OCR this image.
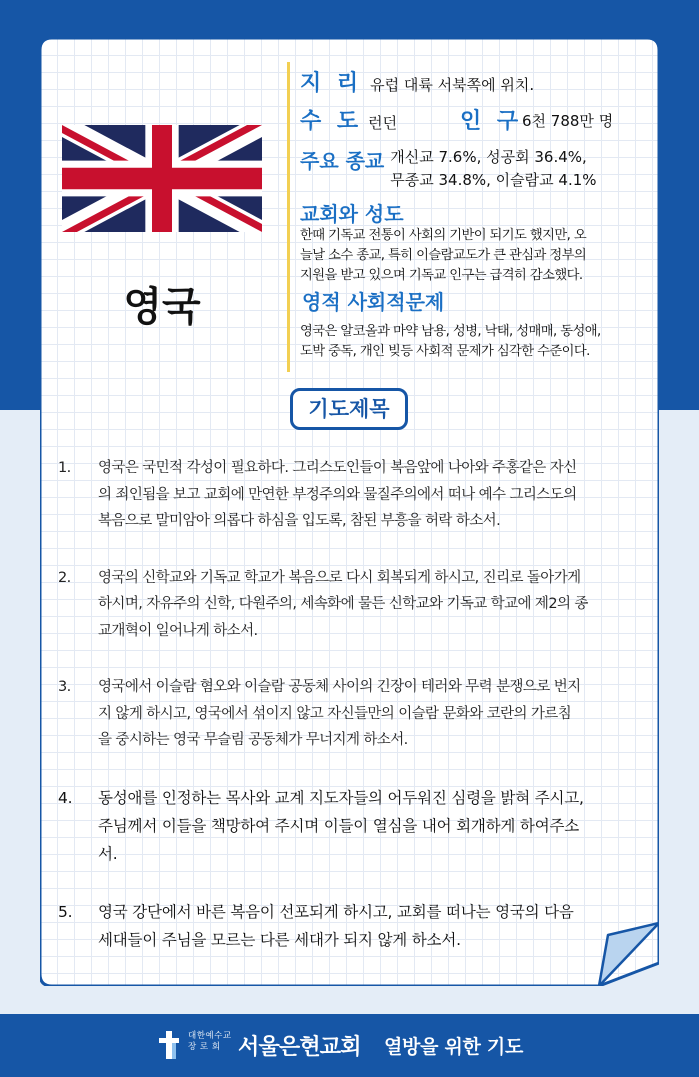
영국
지 리 유럽 대륙 서북쪽에 위치.
수 도 런던	인 구 6천 788만 명
주요 종교 개신교 7.6%, 성공회 36.4%,
무종교 34.8%, 이슬람교 4.1%
교회와 성도
한때 기독교 전통이 사회의 기반이 되기도 했지만, 오
늘날 소수 종교, 특히 이슬람교도가 큰 관심과 정부의
지원을 받고 있으며 기독교 인구는 급격히 감소했다.
영적 사회적문제
영국은 알코올과 마약 남용, 성병, 낙태, 성매매, 동성애,
도박 중독, 개인 빚등 사회적 문제가 심각한 수준이다.
기도제목
1.	영국은 국민적 각성이 필요하다. 그리스도인들이 복음앞에 나아와 주홍같은 자신
의 죄인됨을 보고 교회에 만연한 부정주의와 물질주의에서 떠나 예수 그리스도의
복음으로 말미암아 의롭다 하심을 입도록, 참된 부흥을 허락 하소서.
2.	영국의 신학교와 기독교 학교가 복음으로 다시 회복되게 하시고, 진리로 돌아가게
하시며, 자유주의 신학, 다원주의, 세속화에 물든 신학교와 기독교 학교에 제2의 종
교개혁이 일어나게 하소서.
3.	영국에서 이슬람 혐오와 이슬람 공동체 사이의 긴장이 테러와 무력 분쟁으로 번지
지 않게 하시고, 영국에서 섞이지 않고 자신들만의 이슬람 문화와 코란의 가르침
을 중시하는 영국 무슬림 공동체가 무너지게 하소서.
4.	동성애를 인정하는 목사와 교계 지도자들의 어두워진 심령을 밝혀 주시고,
주님께서 이들을 책망하여 주시며 이들이 열심을 내어 회개하게 하여주소
서.
5.	영국 강단에서 바른 복음이 선포되게 하시고, 교회를 떠나는 영국의 다음
세대들이 주님을 모르는 다른 세대가 되지 않게 하소서.
대한예수교
장 로 회 서울은현교회 열방을 위한 기도
